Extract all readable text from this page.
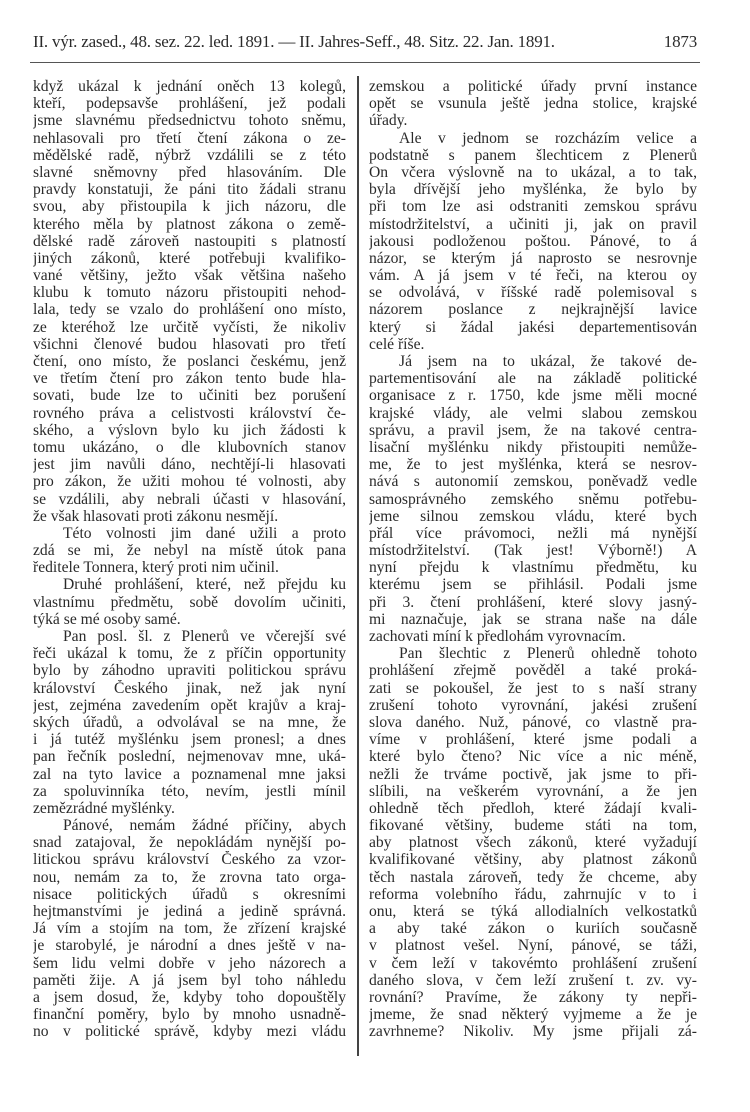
II. výr. zased., 48. sez. 22. led. 1891. — II. Jahres-Seff., 48. Sitz. 22. Jan. 1891.	1873
když ukázal k jednání oněch 13 kolegů,
kteří, podepsavše prohlášení, jež podali
jsme slavnému předsednictvu tohoto sněmu,
nehlasovali pro třetí čtení zákona o ze-
mědělské radě, nýbrž vzdálili se z této
slavné sněmovny před hlasováním. Dle
pravdy konstatuji, že páni tito žádali stranu
svou, aby přistoupila k jich názoru, dle
kterého měla by platnost zákona o země-
dělské radě zároveň nastoupiti s platností
jiných zákonů, které potřebuji kvalifiko-
vané většiny, ježto však většina našeho
klubu k tomuto názoru přistoupiti nehod-
lala, tedy se vzalo do prohlášení ono místo,
ze kteréhož lze určitě vyčísti, že nikoliv
všichni členové budou hlasovati pro třetí
čtení, ono místo, že poslanci českému, jenž
ve třetím čtení pro zákon tento bude hla-
sovati, bude lze to učiniti bez porušení
rovného práva a celistvosti království če-
ského, a výslovn bylo ku jich žádosti k
tomu ukázáno, o dle klubovních stanov
jest jim navůli dáno, nechtějí-li hlasovati
pro zákon, že užiti mohou té volnosti, aby
se vzdálili, aby nebrali účasti v hlasování,
že však hlasovati proti zákonu nesmějí.
Této volnosti jim dané užili a proto
zdá se mi, že nebyl na místě útok pana
ředitele Tonnera, který proti nim učinil.
Druhé prohlášení, které, než přejdu ku
vlastnímu předmětu, sobě dovolím učiniti,
týká se mé osoby samé.
Pan posl. šl. z Plenerů ve včerejší své
řeči ukázal k tomu, že z příčin opportunity
bylo by záhodno upraviti politickou správu
království Českého jinak, než jak nyní
jest, zejména zavedením opět krajův a kraj-
ských úřadů, a odvolával se na mne, že
i já tutéž myšlénku jsem pronesl; a dnes
pan řečník poslední, nejmenovav mne, uká-
zal na tyto lavice a poznamenal mne jaksi
za spoluvinníka této, nevím, jestli mínil
zemězrádné myšlénky.
Pánové, nemám žádné příčiny, abych
snad zatajoval, že nepokládám nynější po-
litickou správu království Českého za vzor-
nou, nemám za to, že zrovna tato orga-
nisace politických úřadů s okresními
hejtmanstvími je jediná a jedině správná.
Já vím a stojím na tom, že zřízení krajské
je starobylé, je národní a dnes ještě v na-
šem lidu velmi dobře v jeho názorech a
paměti žije. A já jsem byl toho náhledu
a jsem dosud, že, kdyby toho dopouštěly
finanční poměry, bylo by mnoho usnadně-
no v politické správě, kdyby mezi vládu
zemskou a politické úřady první instance
opět se vsunula ještě jedna stolice, krajské
úřady.
Ale v jednom se rozcházím velice a
podstatně s panem šlechticem z Plenerů
On včera výslovně na to ukázal, a to tak,
byla dřívější jeho myšlénka, že bylo by
při tom lze asi odstraniti zemskou správu
místodržitelství, a učiniti ji, jak on pravil
jakousi podloženou poštou. Pánové, to á
názor, se kterým já naprosto se nesrovnje
vám. A já jsem v té řeči, na kterou oy
se odvolává, v říšské radě polemisoval s
názorem poslance z nejkrajnější lavice
který si žádal jakési departementisován
celé říše.
Já jsem na to ukázal, že takové de-
partementisování ale na základě politické
organisace z r. 1750, kde jsme měli mocné
krajské vlády, ale velmi slabou zemskou
správu, a pravil jsem, že na takové centra-
lisační myšlénku nikdy přistoupiti nemůže-
me, že to jest myšlénka, která se nesrov-
nává s autonomií zemskou, poněvadž vedle
samosprávného zemského sněmu potřebu-
jeme silnou zemskou vládu, které bych
přál více právomoci, nežli má nynější
místodržitelství. (Tak jest! Výborně!) A
nyní přejdu k vlastnímu předmětu, ku
kterému jsem se přihlásil. Podali jsme
při 3. čtení prohlášení, které slovy jasný-
mi naznačuje, jak se strana naše na dále
zachovati míní k předlohám vyrovnacím.
Pan šlechtic z Plenerů ohledně tohoto
prohlášení zřejmě pověděl a také proká-
zati se pokoušel, že jest to s naší strany
zrušení tohoto vyrovnání, jakési zrušení
slova daného. Nuž, pánové, co vlastně pra-
víme v prohlášení, které jsme podali a
které bylo čteno? Nic více a nic méně,
nežli že trváme poctivě, jak jsme to při-
slíbili, na veškerém vyrovnání, a že jen
ohledně těch předloh, které žádají kvali-
fikované většiny, budeme státi na tom,
aby platnost všech zákonů, které vyžadují
kvalifikované většiny, aby platnost zákonů
těch nastala zároveň, tedy že chceme, aby
reforma volebního řádu, zahrnujíc v to i
onu, která se týká allodialních velkostatků
a aby také zákon o kuriích současně
v platnost vešel. Nyní, pánové, se táži,
v čem leží v takovémto prohlášení zrušení
daného slova, v čem leží zrušení t. zv. vy-
rovnání? Pravíme, že zákony ty nepři-
jmeme, že snad některý vyjmeme a že je
zavrhneme? Nikoliv. My jsme přijali zá-
